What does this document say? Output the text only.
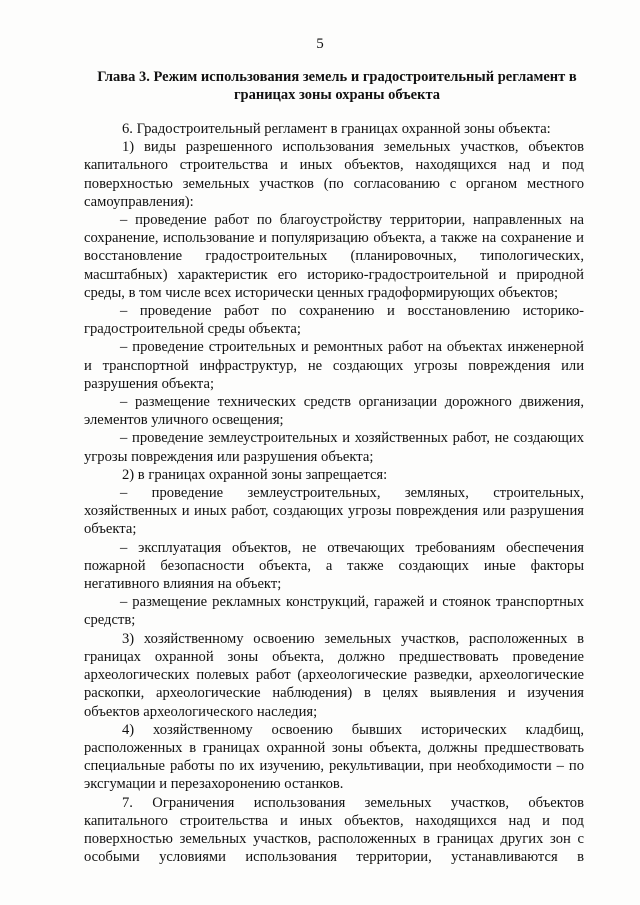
5
Глава 3. Режим использования земель и градостроительный регламент в границах зоны охраны объекта

6. Градостроительный регламент в границах охранной зоны объекта:

1) виды разрешенного использования земельных участков, объектов капитального строительства и иных объектов, находящихся над и под поверхностью земельных участков (по согласованию с органом местного самоуправления):

– проведение работ по благоустройству территории, направленных на сохранение, использование и популяризацию объекта, а также на сохранение и восстановление градостроительных (планировочных, типологических, масштабных) характеристик его историко-градостроительной и природной среды, в том числе всех исторически ценных градоформирующих объектов;

– проведение работ по сохранению и восстановлению историко-градостроительной среды объекта;

– проведение строительных и ремонтных работ на объектах инженерной и транспортной инфраструктур, не создающих угрозы повреждения или разрушения объекта;

– размещение технических средств организации дорожного движения, элементов уличного освещения;

– проведение землеустроительных и хозяйственных работ, не создающих угрозы повреждения или разрушения объекта;

2) в границах охранной зоны запрещается:

– проведение землеустроительных, земляных, строительных, хозяйственных и иных работ, создающих угрозы повреждения или разрушения объекта;

– эксплуатация объектов, не отвечающих требованиям обеспечения пожарной безопасности объекта, а также создающих иные факторы негативного влияния на объект;

– размещение рекламных конструкций, гаражей и стоянок транспортных средств;

3) хозяйственному освоению земельных участков, расположенных в границах охранной зоны объекта, должно предшествовать проведение археологических полевых работ (археологические разведки, археологические раскопки, археологические наблюдения) в целях выявления и изучения объектов археологического наследия;

4) хозяйственному освоению бывших исторических кладбищ, расположенных в границах охранной зоны объекта, должны предшествовать специальные работы по их изучению, рекультивации, при необходимости – по эксгумации и перезахоронению останков.

7. Ограничения использования земельных участков, объектов капитального строительства и иных объектов, находящихся над и под поверхностью земельных участков, расположенных в границах других зон с особыми условиями использования территории, устанавливаются в
